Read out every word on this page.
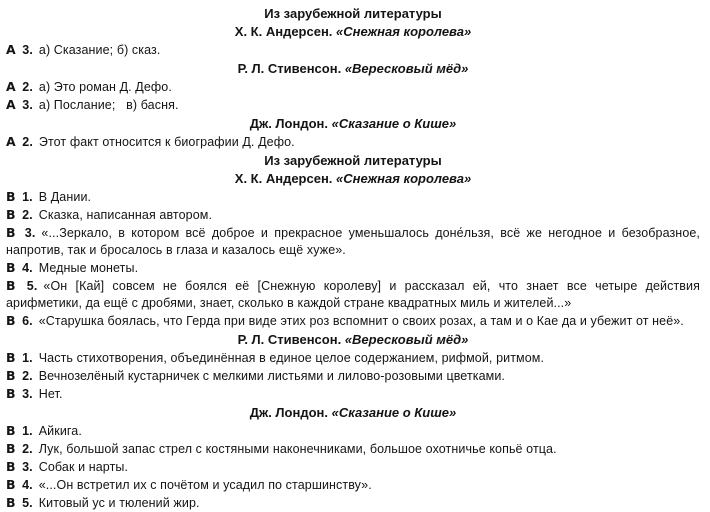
Из зарубежной литературы
Х. К. Андерсен. «Снежная королева»

А 3. а) Сказание; б) сказ.

Р. Л. Стивенсон. «Вересковый мёд»

А 2. а) Это роман Д. Дефо.

А 3. а) Послание;   в) басня.

Дж. Лондон. «Сказание о Кише»

А 2. Этот факт относится к биографии Д. Дефо.

Из зарубежной литературы
Х. К. Андерсен. «Снежная королева»

В 1. В Дании.

В 2. Сказка, написанная автором.

В 3. «...Зеркало, в котором всё доброе и прекрасное уменьшалось доне́льзя, всё же негодное и безобразное, напротив, так и бросалось в глаза и казалось ещё хуже».

В 4. Медные монеты.

В 5. «Он [Кай] совсем не боялся её [Снежную королеву] и рассказал ей, что знает все четыре действия арифметики, да ещё с дробями, знает, сколько в каждой стране квадратных миль и жителей...»

В 6. «Старушка боялась, что Герда при виде этих роз вспомнит о своих розах, а там и о Кае да и убежит от неё».

Р. Л. Стивенсон. «Вересковый мёд»

В 1. Часть стихотворения, объединённая в единое целое содержанием, рифмой, ритмом.

В 2. Вечнозелёный кустарничек с мелкими листьями и лилово-розовыми цветками.

В 3. Нет.

Дж. Лондон. «Сказание о Кише»

В 1. Айкига.

В 2. Лук, большой запас стрел с костяными наконечниками, большое охотничье копьё отца.

В 3. Собак и нарты.

В 4. «...Он встретил их с почётом и усадил по старшинству».

В 5. Китовый ус и тюлений жир.
